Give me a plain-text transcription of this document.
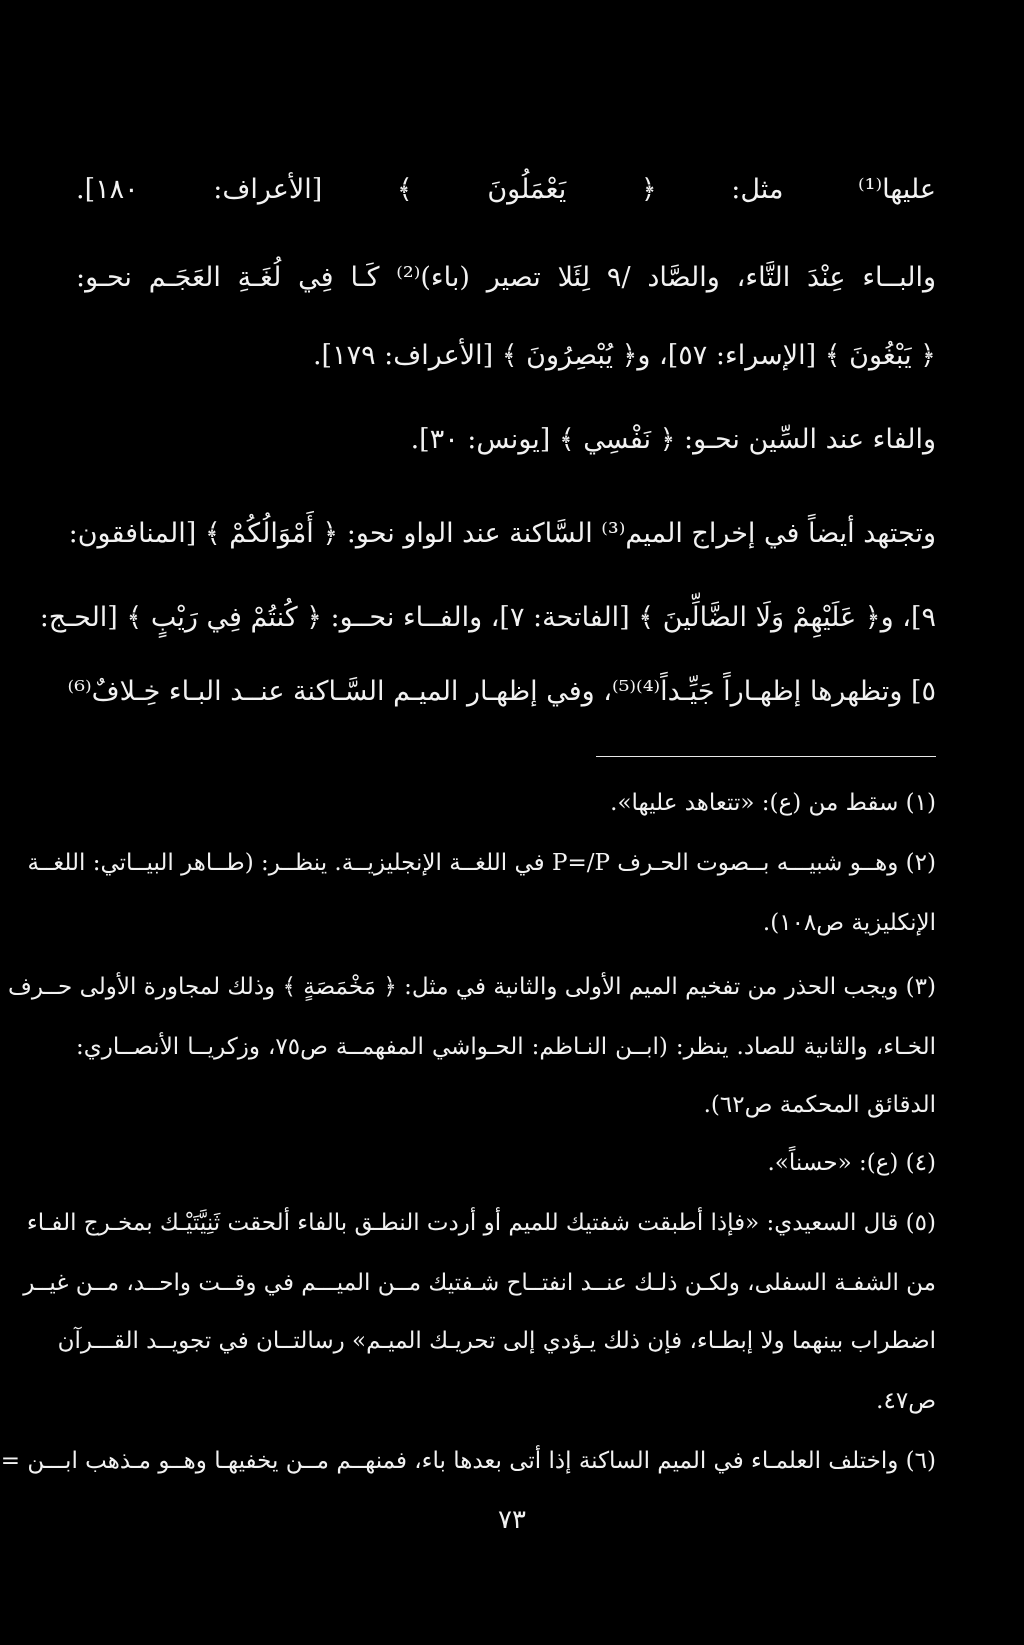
عليها⁽¹⁾ مثل: ﴿ يَعْمَلُونَ ﴾ [الأعراف: ١٨٠].
والبــاء عِنْدَ التَّاء، والصَّاد /٩ لِئَلا تصير (باء)⁽²⁾ كَـا فِي لُغَـةِ العَجَـم نحـو:
﴿ يَبْغُونَ ﴾ [الإسراء: ٥٧]، و﴿ يُبْصِرُونَ ﴾ [الأعراف: ١٧٩].
والفاء عند السِّين نحـو: ﴿ نَفْسِي ﴾ [يونس: ٣٠].
وتجتهد أيضاً في إخراج الميم⁽³⁾ السَّاكنة عند الواو نحو: ﴿ أَمْوَالُكُمْ ﴾ [المنافقون:
٩]، و﴿ عَلَيْهِمْ وَلَا الضَّالِّينَ ﴾ [الفاتحة: ٧]، والفــاء نحــو: ﴿ كُنتُمْ فِي رَيْبٍ ﴾ [الحـج:
٥] وتظهرها إظهـاراً جَيِّـداً⁽⁴⁾⁽⁵⁾، وفي إظهـار الميـم السَّـاكنة عنــد البـاء خِـلافٌ⁽⁶⁾
(١) سقط من (ع): «تتعاهد عليها».
(٢) وهــو شبيـــه بــصوت الحـرف P=/P في اللغــة الإنجليزيــة. ينظــر: (طــاهر البيــاتي: اللغــة
الإنكليزية ص١٠٨).
(٣) ويجب الحذر من تفخيم الميم الأولى والثانية في مثل: ﴿ مَخْمَصَةٍ ﴾ وذلك لمجاورة الأولى حــرف
الخـاء، والثانية للصاد. ينظر: (ابــن النـاظم: الحـواشي المفهمــة ص٧٥، وزكريــا الأنصــاري:
الدقائق المحكمة ص٦٢).
(٤) (ع): «حسناً».
(٥) قال السعيدي: «فإذا أطبقت شفتيك للميم أو أردت النطـق بالفاء ألحقت ثَنِيَّتَيْـك بمخـرج الفـاء
من الشفـة السفلى، ولكـن ذلـك عنــد انفتــاح شـفتيك مــن الميـــم في وقــت واحــد، مــن غيــر
اضطراب بينهما ولا إبطـاء، فإن ذلك يـؤدي إلى تحريـك الميـم» رسالتــان في تجويــد القـــرآن
ص٤٧.
(٦) واختلف العلمـاء في الميم الساكنة إذا أتى بعدها باء، فمنهــم مــن يخفيهـا وهــو مـذهب ابـــن =
٧٣
